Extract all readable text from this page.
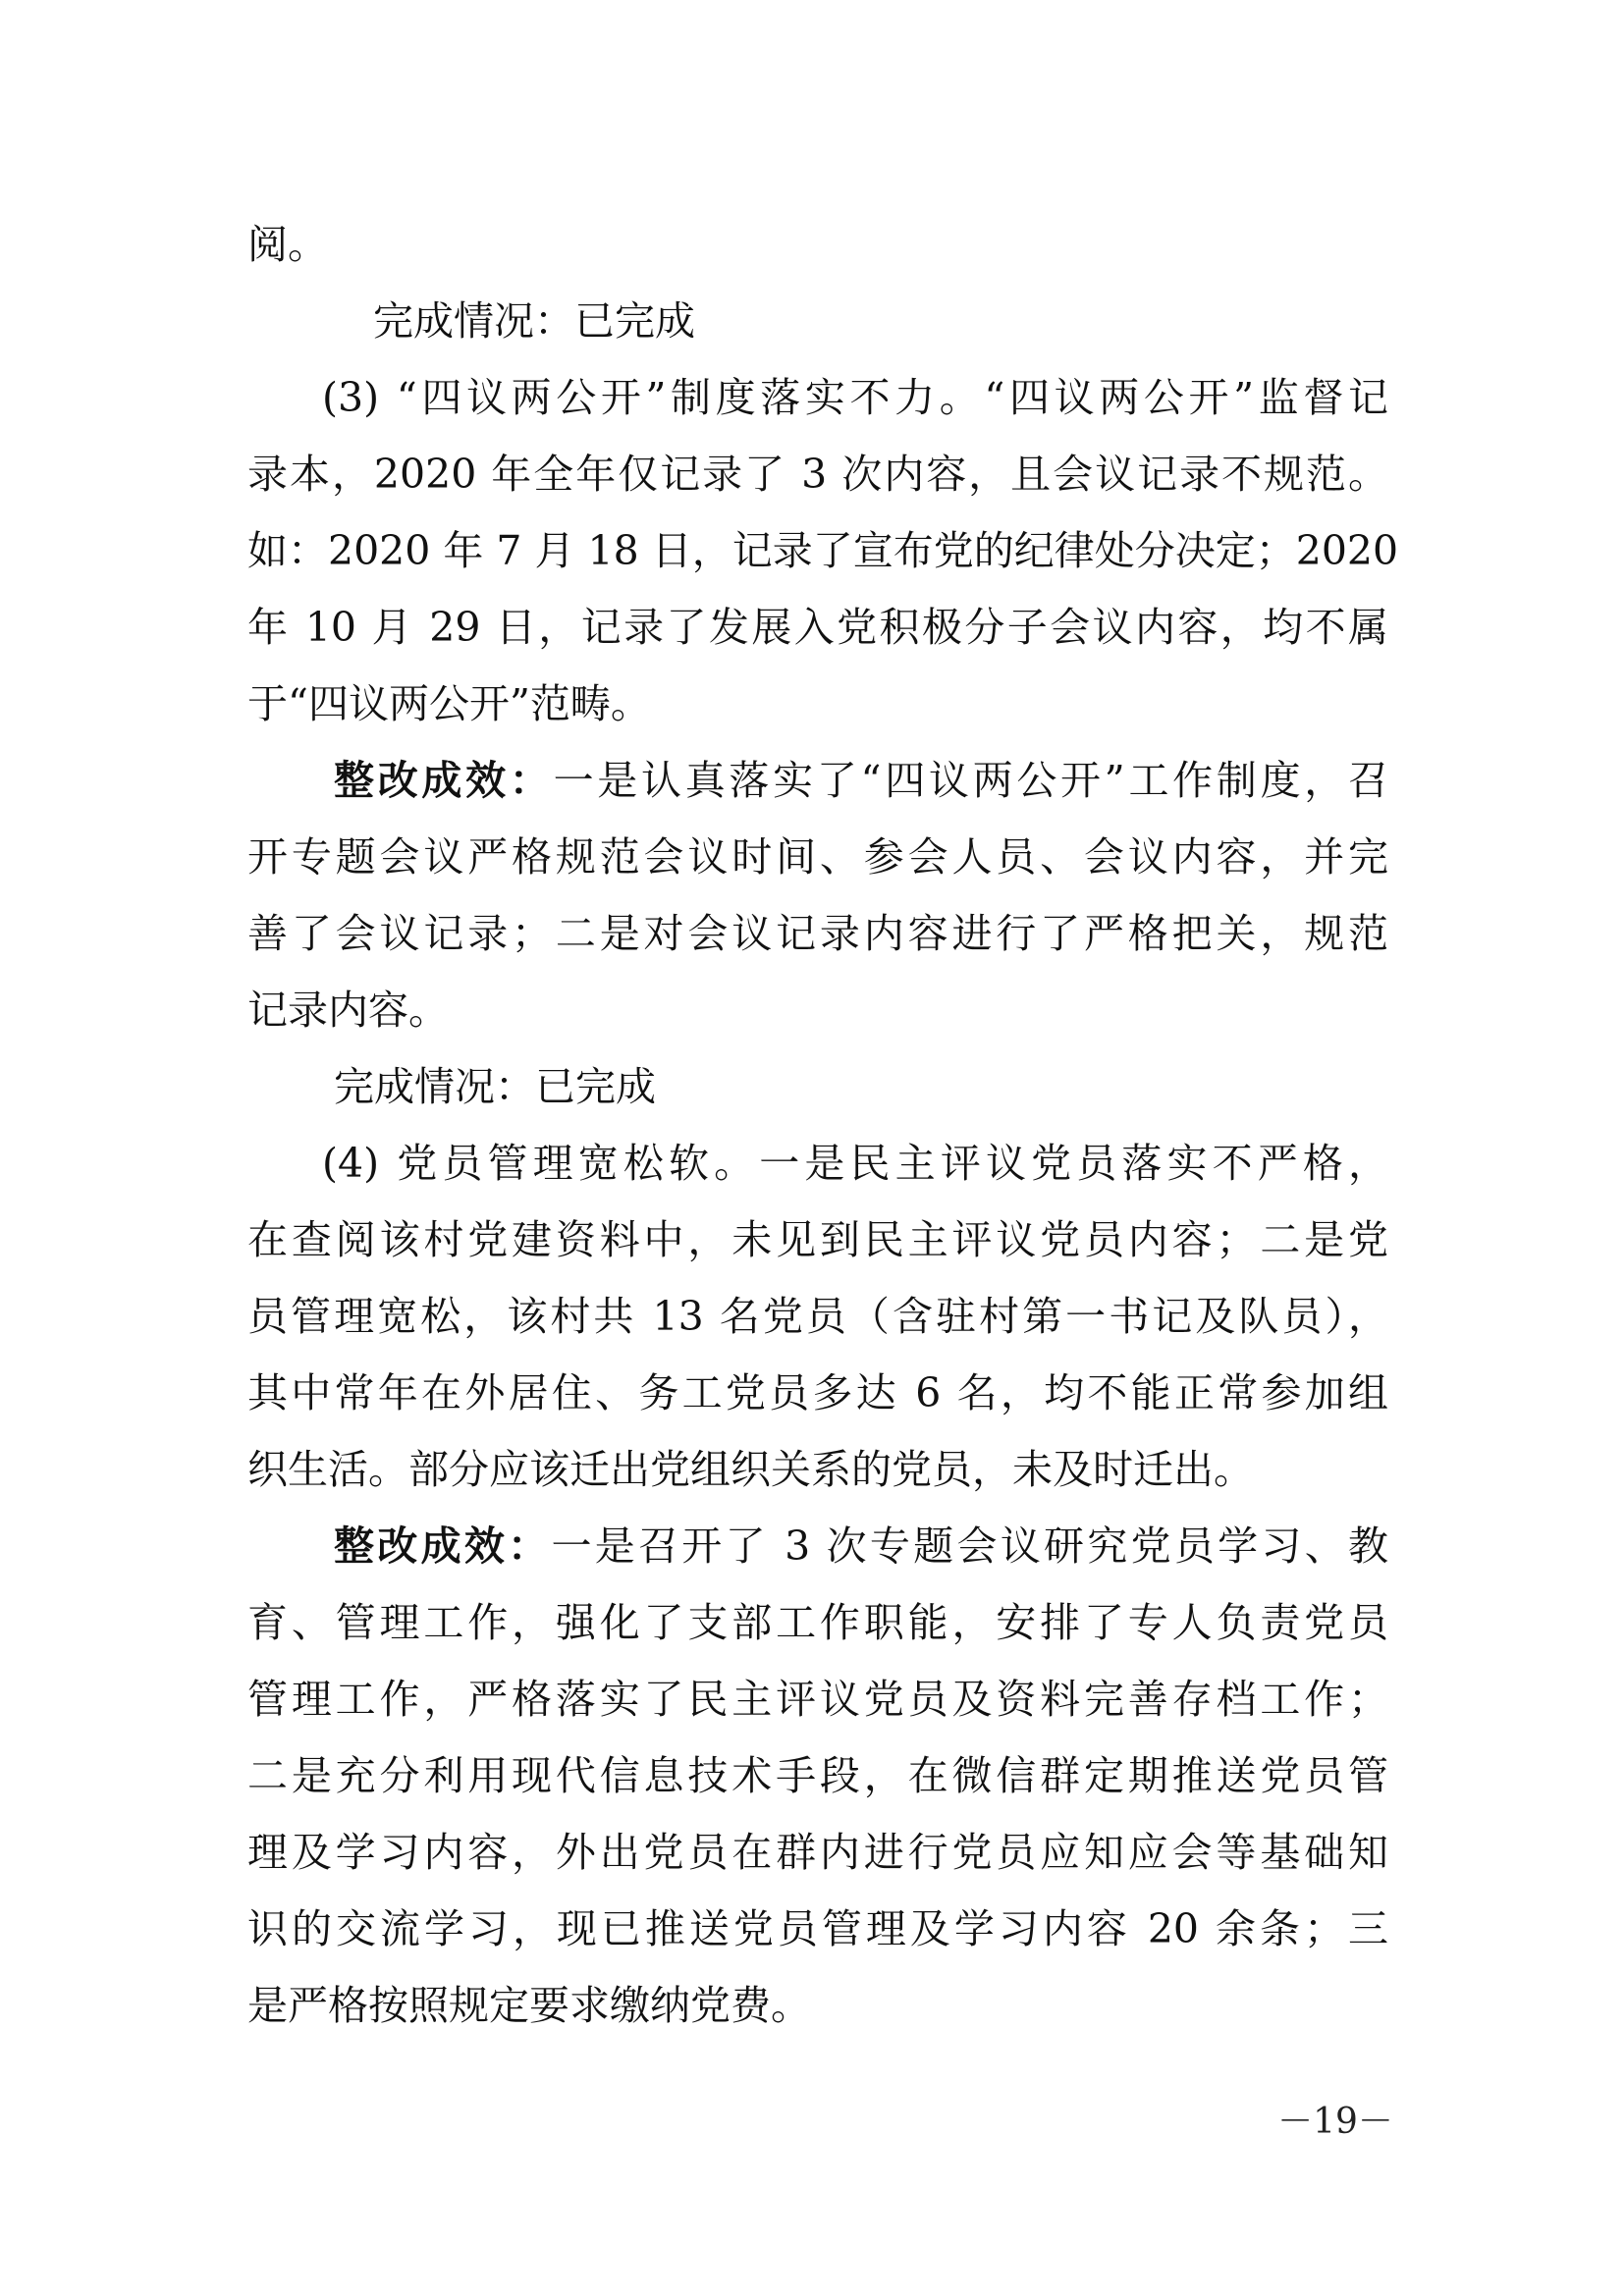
阅。
完成情况：已完成
(3) “四议两公开”制度落实不力。“四议两公开”监督记
录本，2020 年全年仅记录了 3 次内容，且会议记录不规范。
如：2020 年 7 月 18 日，记录了宣布党的纪律处分决定；2020
年 10 月 29 日，记录了发展入党积极分子会议内容，均不属
于“四议两公开”范畴。
整改成效：一是认真落实了“四议两公开”工作制度，召
开专题会议严格规范会议时间、参会人员、会议内容，并完
善了会议记录；二是对会议记录内容进行了严格把关，规范
记录内容。
完成情况：已完成
(4) 党员管理宽松软。一是民主评议党员落实不严格，
在查阅该村党建资料中，未见到民主评议党员内容；二是党
员管理宽松，该村共 13 名党员（含驻村第一书记及队员），
其中常年在外居住、务工党员多达 6 名，均不能正常参加组
织生活。部分应该迁出党组织关系的党员，未及时迁出。
整改成效：一是召开了 3 次专题会议研究党员学习、教
育、管理工作，强化了支部工作职能，安排了专人负责党员
管理工作，严格落实了民主评议党员及资料完善存档工作；
二是充分利用现代信息技术手段，在微信群定期推送党员管
理及学习内容，外出党员在群内进行党员应知应会等基础知
识的交流学习，现已推送党员管理及学习内容 20 余条；三
是严格按照规定要求缴纳党费。
－19－
